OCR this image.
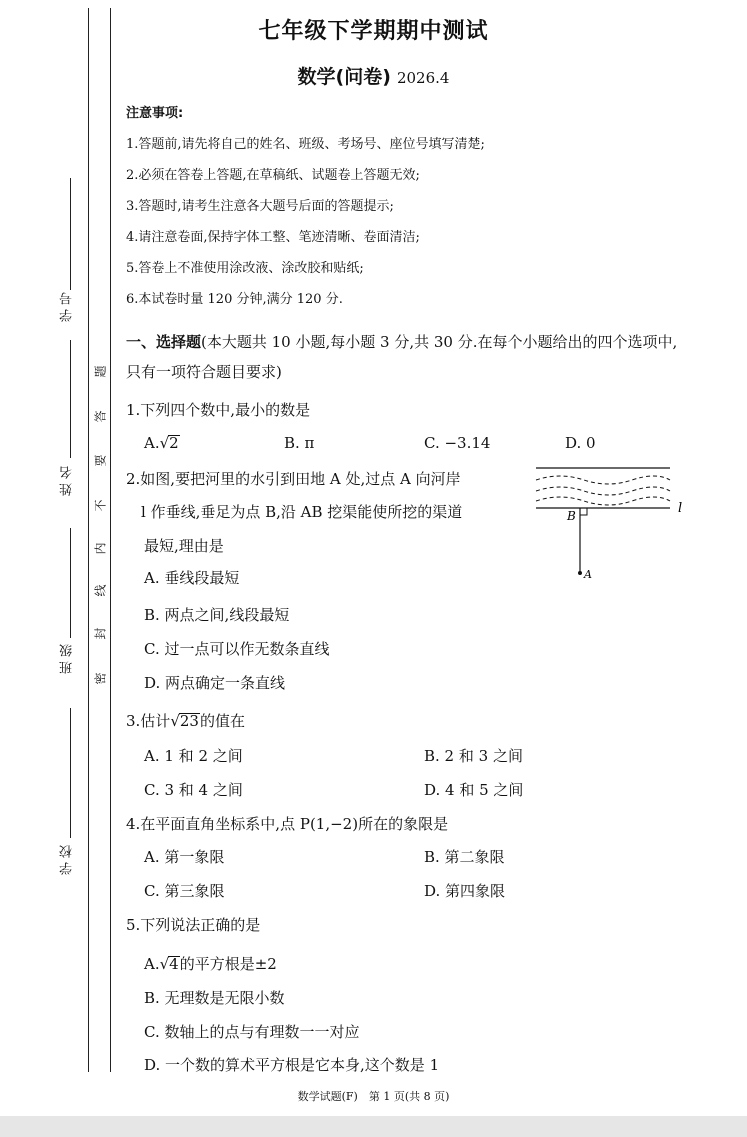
学 号
姓 名
班 级
学 校
密
封
线
内
不
要
答
题
七年级下学期期中测试
数学(问卷) 2026.4
注意事项:
1.答题前,请先将自己的姓名、班级、考场号、座位号填写清楚;
2.必须在答卷上答题,在草稿纸、试题卷上答题无效;
3.答题时,请考生注意各大题号后面的答题提示;
4.请注意卷面,保持字体工整、笔迹清晰、卷面清洁;
5.答卷上不准使用涂改液、涂改胶和贴纸;
6.本试卷时量 120 分钟,满分 120 分.
一、选择题(本大题共 10 小题,每小题 3 分,共 30 分.在每个小题给出的四个选项中,只有一项符合题目要求)
1.下列四个数中,最小的数是
A.√2	B. π	C. −3.14	D. 0
2.如图,要把河里的水引到田地 A 处,过点 A 向河岸
l 作垂线,垂足为点 B,沿 AB 挖渠能使所挖的渠道
最短,理由是
A. 垂线段最短
B. 两点之间,线段最短
C. 过一点可以作无数条直线
D. 两点确定一条直线
l
B
A
3.估计√23的值在
A. 1 和 2 之间	B. 2 和 3 之间
C. 3 和 4 之间	D. 4 和 5 之间
4.在平面直角坐标系中,点 P(1,−2)所在的象限是
A. 第一象限	B. 第二象限
C. 第三象限	D. 第四象限
5.下列说法正确的是
A.√4的平方根是±2
B. 无理数是无限小数
C. 数轴上的点与有理数一一对应
D. 一个数的算术平方根是它本身,这个数是 1
数学试题(F)　第 1 页(共 8 页)
